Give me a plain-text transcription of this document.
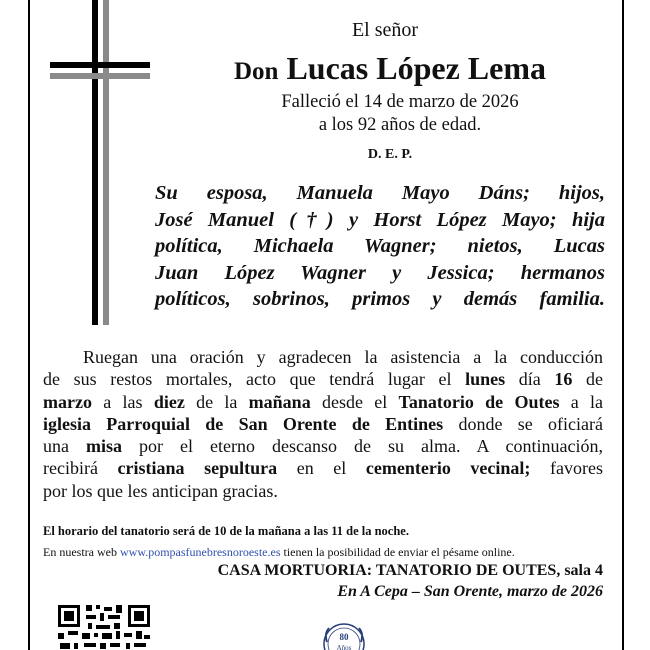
El señor
Don Lucas López Lema
Falleció el 14 de marzo de 2026
a los 92 años de edad.
D. E. P.
Su esposa, Manuela Mayo Dáns; hijos,
José Manuel (†) y Horst López Mayo; hija
política, Michaela Wagner; nietos, Lucas
Juan López Wagner y Jessica; hermanos
políticos, sobrinos, primos y demás familia.
Ruegan una oración y agradecen la asistencia a la conducción
de sus restos mortales, acto que tendrá lugar el lunes día 16 de
marzo a las diez de la mañana desde el Tanatorio de Outes a la
iglesia Parroquial de San Orente de Entines donde se oficiará
una misa por el eterno descanso de su alma. A continuación,
recibirá cristiana sepultura en el cementerio vecinal; favores
por los que les anticipan gracias.
El horario del tanatorio será de 10 de la mañana a las 11 de la noche.
En nuestra web www.pompasfunebresnoroeste.es tienen la posibilidad de enviar el pésame online.
CASA MORTUORIA: TANATORIO DE OUTES, sala 4
En A Cepa – San Orente, marzo de 2026
80
Años
